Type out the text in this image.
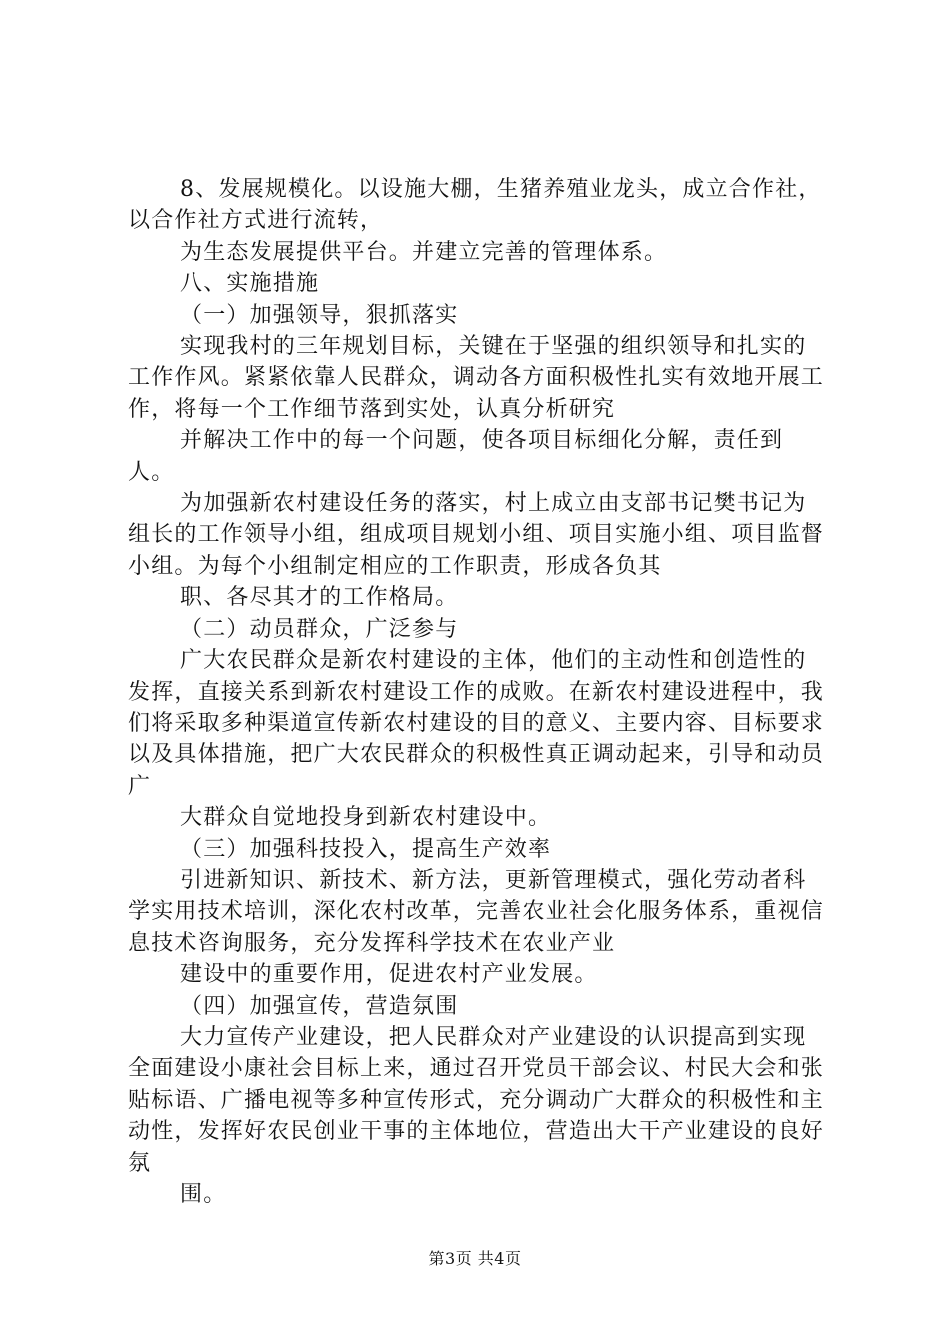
8、发展规模化。以设施大棚，生猪养殖业龙头，成立合作社，以合作社方式进行流转，

为生态发展提供平台。并建立完善的管理体系。

八、实施措施

（一）加强领导，狠抓落实

实现我村的三年规划目标，关键在于坚强的组织领导和扎实的工作作风。紧紧依靠人民群众，调动各方面积极性扎实有效地开展工作，将每一个工作细节落到实处，认真分析研究

并解决工作中的每一个问题，使各项目标细化分解，责任到人。

为加强新农村建设任务的落实，村上成立由支部书记樊书记为组长的工作领导小组，组成项目规划小组、项目实施小组、项目监督小组。为每个小组制定相应的工作职责，形成各负其

职、各尽其才的工作格局。

（二）动员群众，广泛参与

广大农民群众是新农村建设的主体，他们的主动性和创造性的发挥，直接关系到新农村建设工作的成败。在新农村建设进程中，我们将采取多种渠道宣传新农村建设的目的意义、主要内容、目标要求以及具体措施，把广大农民群众的积极性真正调动起来，引导和动员广

大群众自觉地投身到新农村建设中。

（三）加强科技投入，提高生产效率

引进新知识、新技术、新方法，更新管理模式，强化劳动者科学实用技术培训，深化农村改革，完善农业社会化服务体系，重视信息技术咨询服务，充分发挥科学技术在农业产业

建设中的重要作用，促进农村产业发展。

（四）加强宣传，营造氛围

大力宣传产业建设，把人民群众对产业建设的认识提高到实现全面建设小康社会目标上来，通过召开党员干部会议、村民大会和张贴标语、广播电视等多种宣传形式，充分调动广大群众的积极性和主动性，发挥好农民创业干事的主体地位，营造出大干产业建设的良好氛

围。

第3页 共4页
